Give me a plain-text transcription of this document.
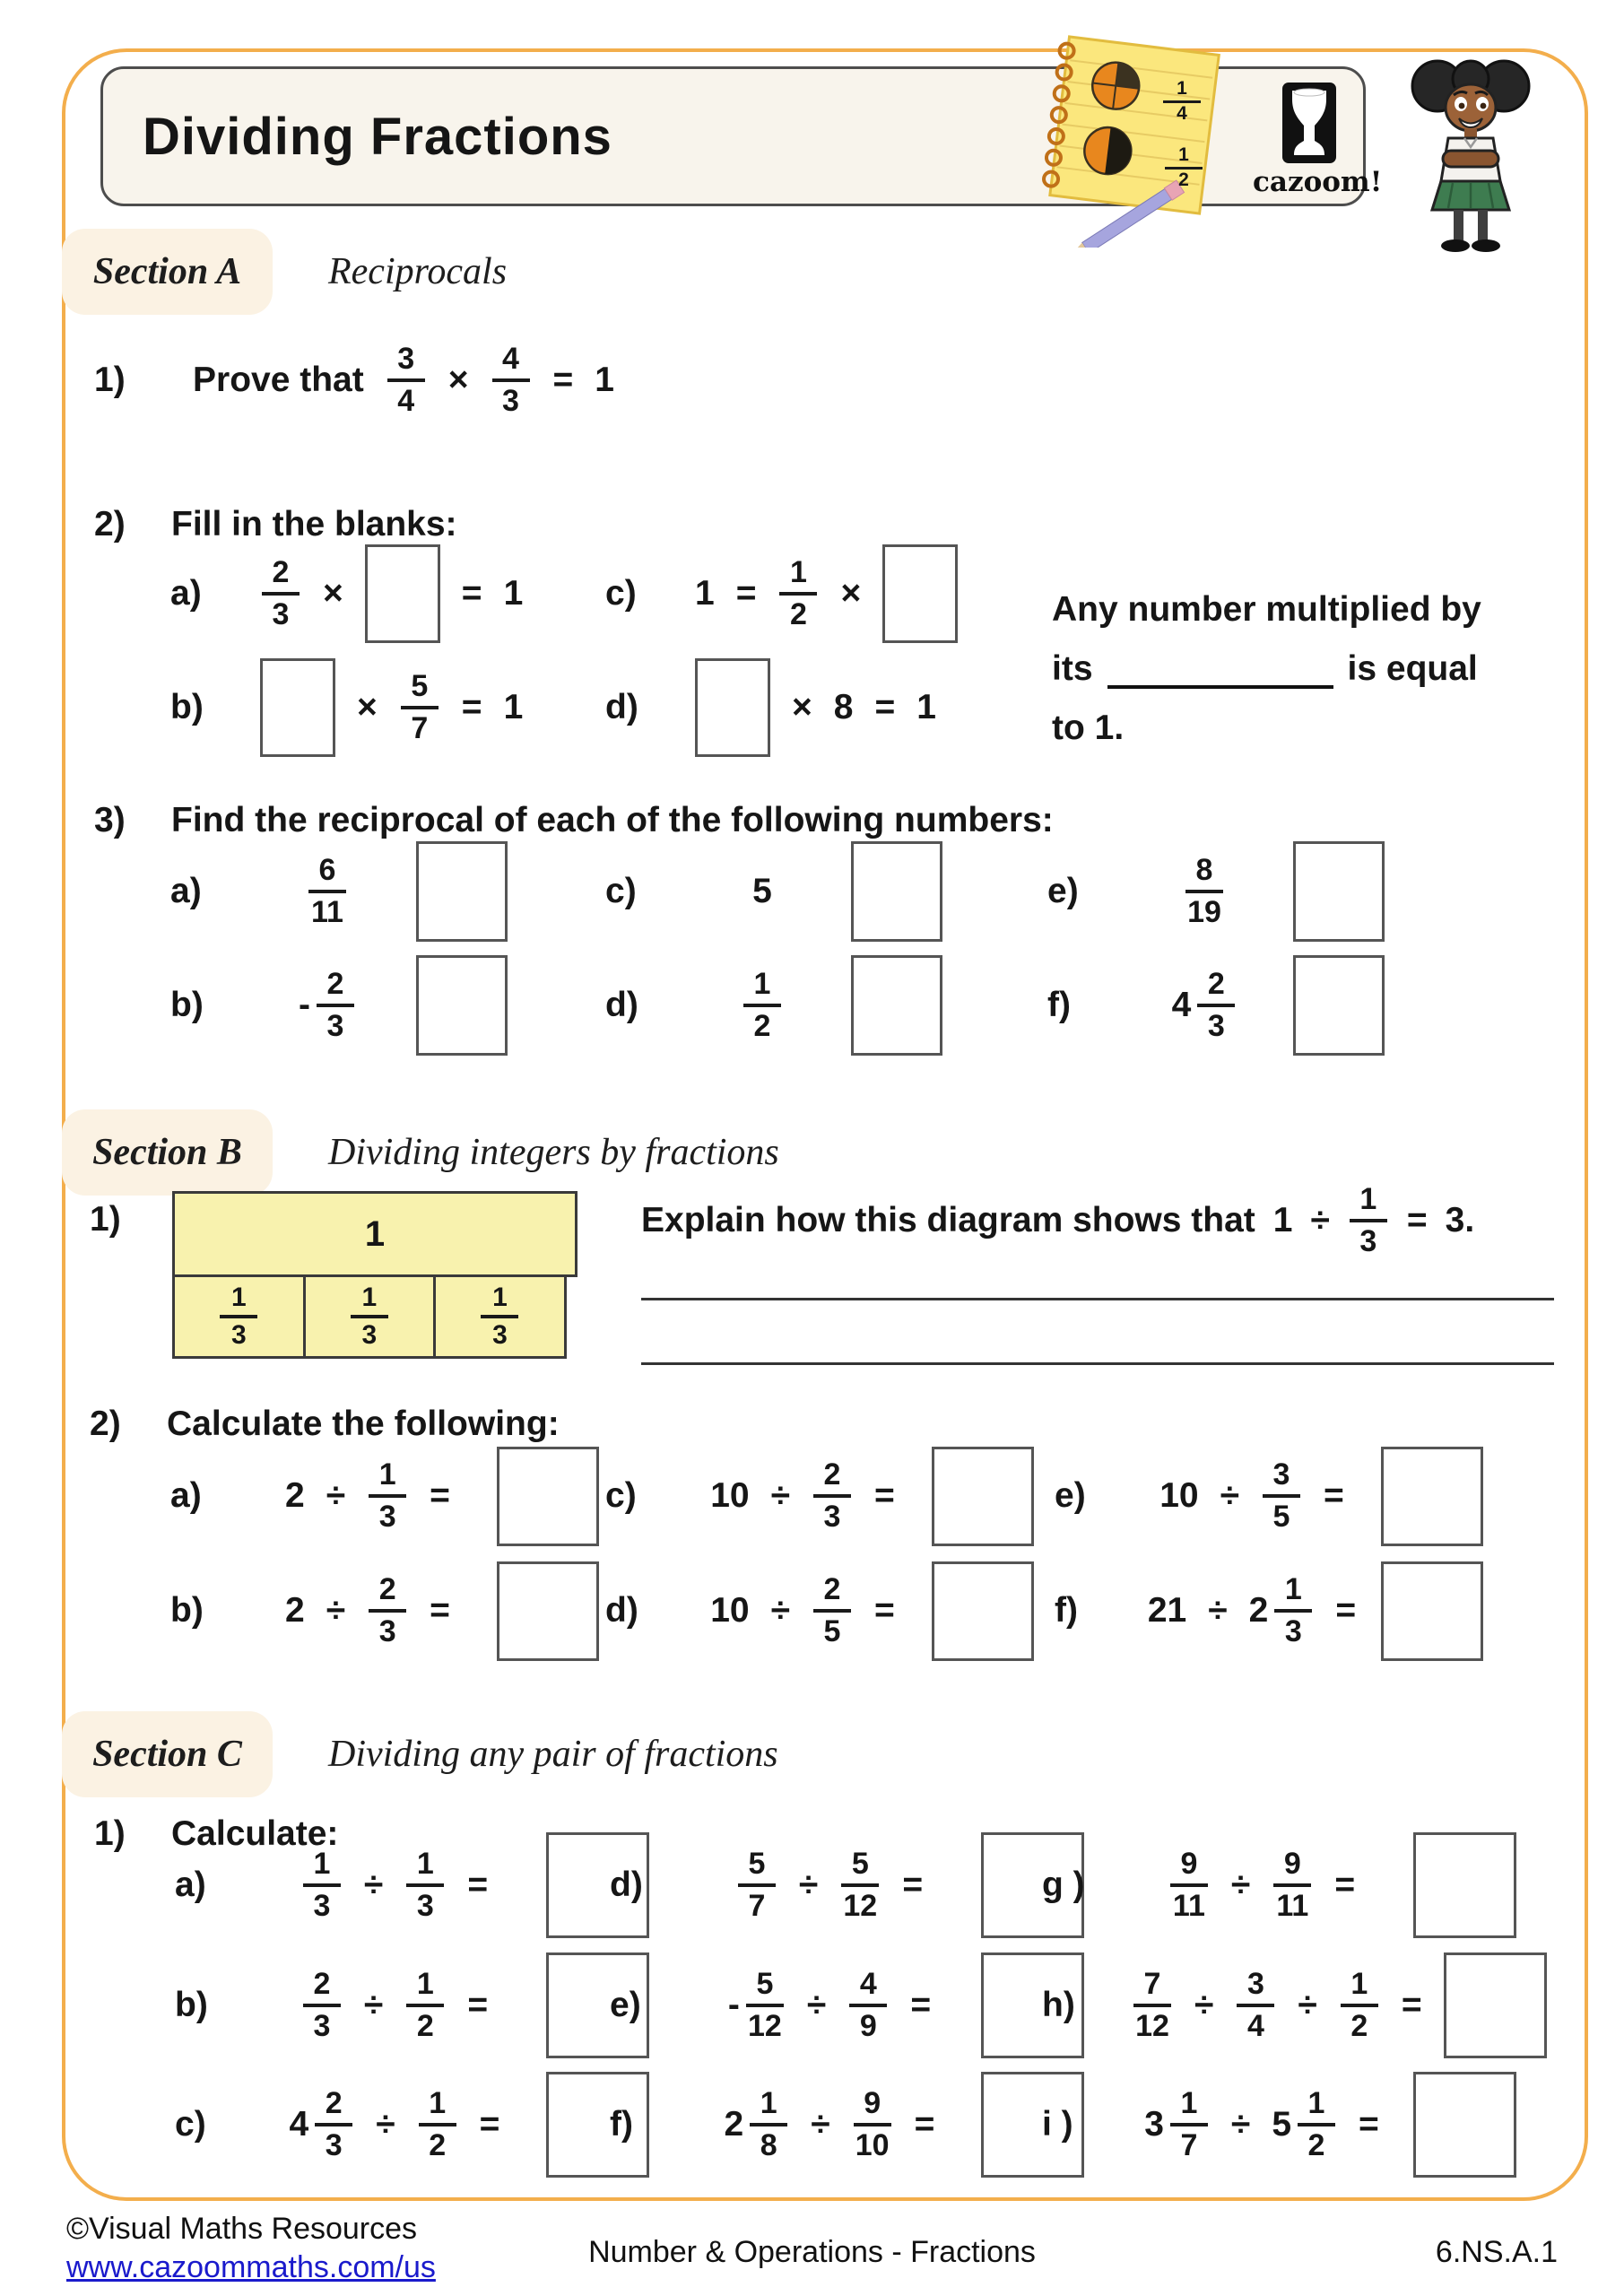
Dividing Fractions
cazoom!
$\frac{1}{4}$
$\frac{1}{2}$
Section A	Reciprocals
1)	Prove that $\frac{3}{4} \times \frac{4}{3} = 1$
2)	Fill in the blanks:
a)	$\frac{2}{3}$ ×	= 1 c)	$1 = \frac{1}{2}$ ×
b)	× $\frac{5}{7} = 1$ d)	× 8 = 1
Any number multiplied by
its	is equal
to 1.
3)	Find the reciprocal of each of the following numbers:
a)	$\frac{6}{11}$	c)	5	e)	$\frac{8}{19}$
b)	- $\frac{2}{3}$	d)	$\frac{1}{2}$	f)	$4 \frac{2}{3}$
Section B	Dividing integers by fractions
1)	1
$\frac{1}{3}$	$\frac{1}{3}$	$\frac{1}{3}$
Explain how this diagram shows that $1 \div \frac{1}{3} = 3$.
2)	Calculate the following:
a)	$2 \div \frac{1}{3}$ =	c)	$10 \div \frac{2}{3}$ =	e)	$10 \div \frac{3}{5}$ =
b)	$2 \div \frac{2}{3}$ =	d)	$10 \div \frac{2}{5}$ =	f)	$21 \div 2 \frac{1}{3}$ =
Section C	Dividing any pair of fractions
1)	Calculate:
a)	$\frac{1}{3} \div \frac{1}{3}$ =	d)	$\frac{5}{7} \div \frac{5}{12}$ =	g )	$\frac{9}{11} \div \frac{9}{11}$ =
b)	$\frac{2}{3} \div \frac{1}{2}$ =	e)	- $\frac{5}{12} \div \frac{4}{9}$ =	h)	$\frac{7}{12} \div \frac{3}{4} \div \frac{1}{2}$ =
c)	$4 \frac{2}{3} \div \frac{1}{2}$ =	f)	$2 \frac{1}{8} \div \frac{9}{10}$ =	i )	$3 \frac{1}{7} \div 5 \frac{1}{2}$ =
©Visual Maths Resources
www.cazoommaths.com/us	Number & Operations - Fractions	6.NS.A.1
